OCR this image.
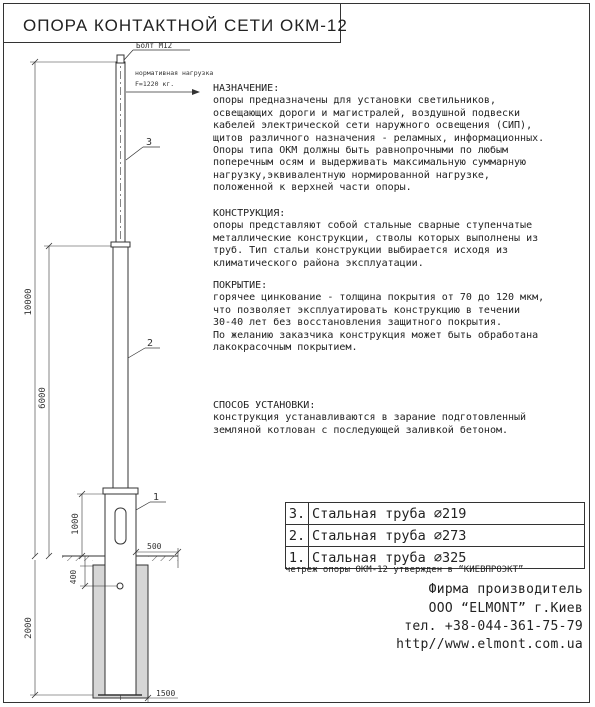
ОПОРА КОНТАКТНОЙ СЕТИ ОКМ-12
Болт М12
нормативная нагрузка
F=1220 кг.
3
2
1
10000
6000
1000
2000
400
500
1500
НАЗНАЧЕНИЕ:
опоры предназначены для установки светильников,
освещающих дороги и магистралей, воздушной подвески
кабелей электрической сети наружного освещения (СИП),
щитов различного назначения - реламных, информационных.
Опоры типа ОКМ должны быть равнопрочными по любым
поперечным осям и выдерживать максимальную суммарную
нагрузку,эквивалентную нормированной нагрузке,
положенной к верхней части опоры.
КОНСТРУКЦИЯ:
опоры представляют собой стальные сварные ступенчатые
металлические конструкции, стволы которых выполнены из
труб. Тип стальи конструкции выбирается исходя из
климатического района эксплуатации.
ПОКРЫТИЕ:
горячее цинкование - толщина покрытия от 70 до 120 мкм,
что позволяет эксплуатировать конструкцию в течении
30-40 лет без восстановления защитного покрытия.
По желанию заказчика конструкция может быть обработана
лакокрасочным покрытием.
СПОСОБ УСТАНОВКИ:
конструкция устанавливаются в зарание подготовленный
земляной котлован с последующей заливкой бетоном.
3. Стальная труба ⌀219
2. Стальная труба ⌀273
1. Стальная труба ⌀325
четреж опоры ОКМ-12 утвержден в “КИЕВПРОЭКТ”
Фирма производитель
ООО “ELMONT” г.Киев
тел. +38-044-361-75-79
http//www.elmont.com.ua
